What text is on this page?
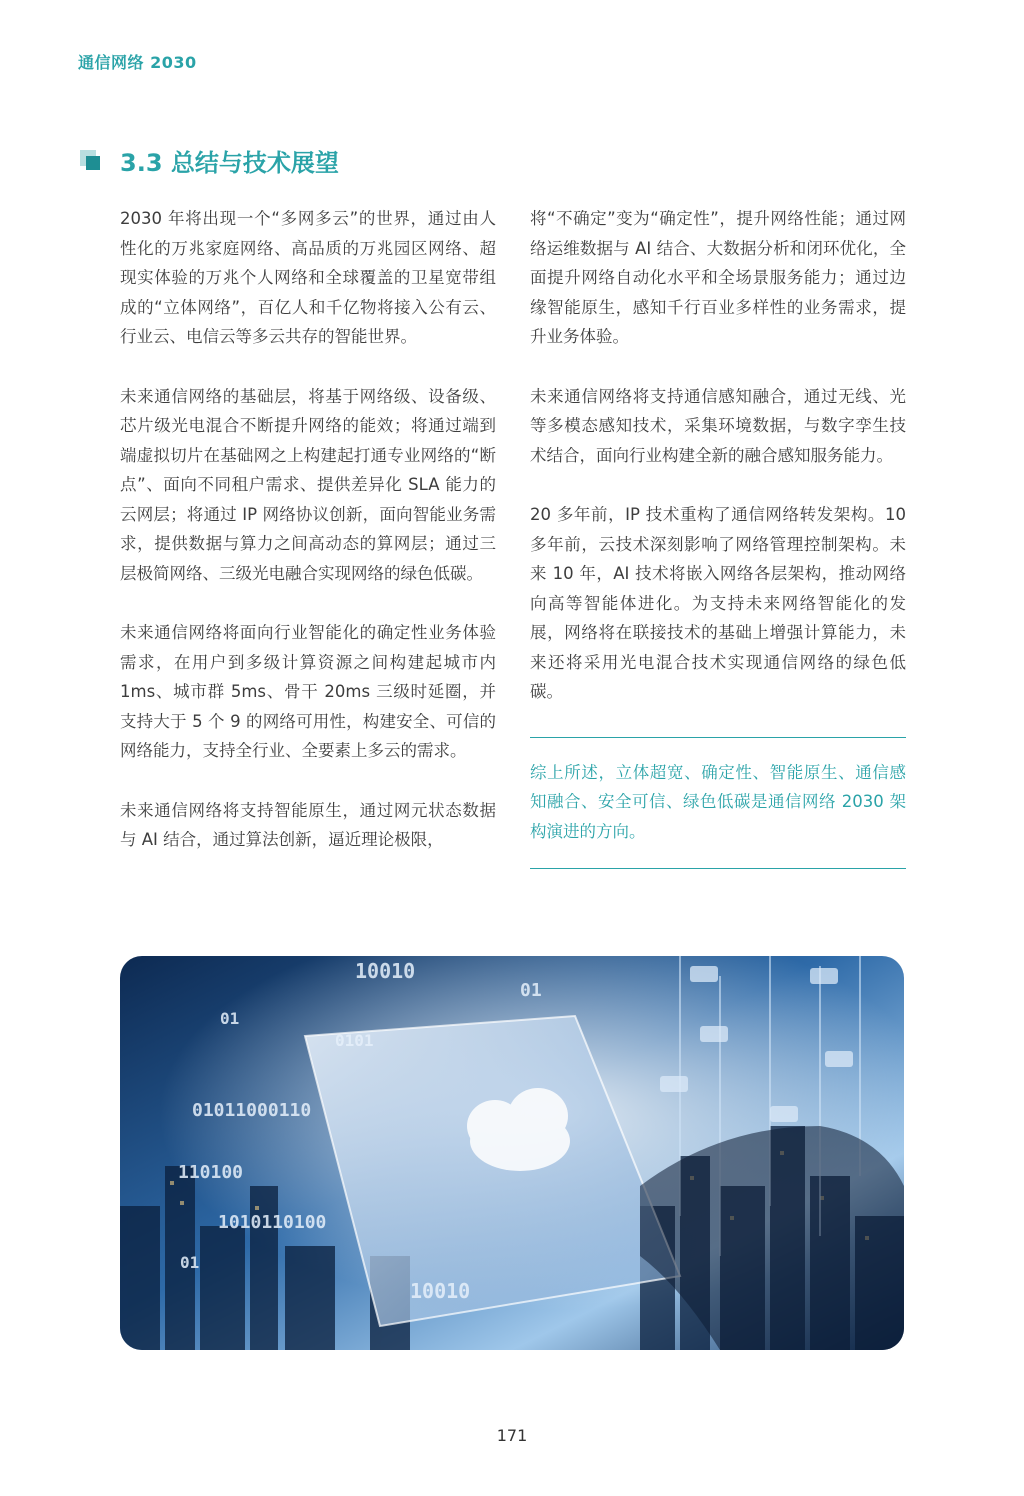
通信网络 2030
3.3 总结与技术展望

2030 年将出现一个“多网多云”的世界，通过由人性化的万兆家庭网络、高品质的万兆园区网络、超现实体验的万兆个人网络和全球覆盖的卫星宽带组成的“立体网络”，百亿人和千亿物将接入公有云、行业云、电信云等多云共存的智能世界。

未来通信网络的基础层，将基于网络级、设备级、芯片级光电混合不断提升网络的能效；将通过端到端虚拟切片在基础网之上构建起打通专业网络的“断点”、面向不同租户需求、提供差异化 SLA 能力的云网层；将通过 IP 网络协议创新，面向智能业务需求，提供数据与算力之间高动态的算网层；通过三层极简网络、三级光电融合实现网络的绿色低碳。

未来通信网络将面向行业智能化的确定性业务体验需求，在用户到多级计算资源之间构建起城市内 1ms、城市群 5ms、骨干 20ms 三级时延圈，并支持大于 5 个 9 的网络可用性，构建安全、可信的网络能力，支持全行业、全要素上多云的需求。

未来通信网络将支持智能原生，通过网元状态数据与 AI 结合，通过算法创新，逼近理论极限，

将“不确定”变为“确定性”，提升网络性能；通过网络运维数据与 AI 结合、大数据分析和闭环优化，全面提升网络自动化水平和全场景服务能力；通过边缘智能原生，感知千行百业多样性的业务需求，提升业务体验。

未来通信网络将支持通信感知融合，通过无线、光等多模态感知技术，采集环境数据，与数字孪生技术结合，面向行业构建全新的融合感知服务能力。

20 多年前，IP 技术重构了通信网络转发架构。10 多年前，云技术深刻影响了网络管理控制架构。未来 10 年，AI 技术将嵌入网络各层架构，推动网络向高等智能体进化。为支持未来网络智能化的发展，网络将在联接技术的基础上增强计算能力，未来还将采用光电混合技术实现通信网络的绿色低碳。

综上所述，立体超宽、确定性、智能原生、通信感知融合、安全可信、绿色低碳是通信网络 2030 架构演进的方向。
10010
01
0101
01011000110
110100
1010110100
01
10010
01
171
